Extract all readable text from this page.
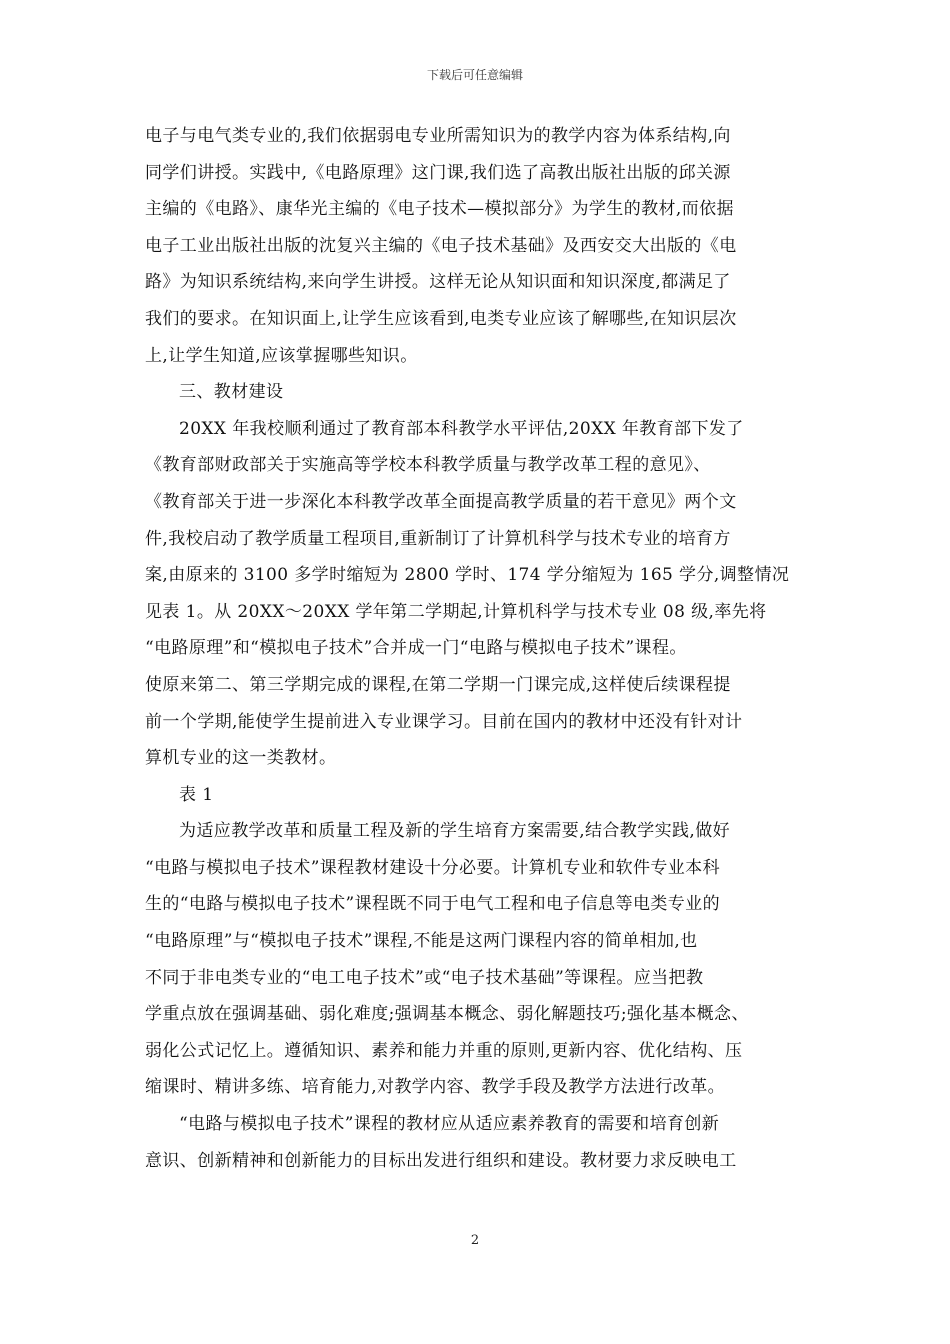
下载后可任意编辑
电子与电气类专业的,我们依据弱电专业所需知识为的教学内容为体系结构,向
同学们讲授。实践中,《电路原理》这门课,我们选了高教出版社出版的邱关源
主编的《电路》、康华光主编的《电子技术—模拟部分》为学生的教材,而依据
电子工业出版社出版的沈复兴主编的《电子技术基础》及西安交大出版的《电
路》为知识系统结构,来向学生讲授。这样无论从知识面和知识深度,都满足了
我们的要求。在知识面上,让学生应该看到,电类专业应该了解哪些,在知识层次
上,让学生知道,应该掌握哪些知识。
三、教材建设
20XX 年我校顺利通过了教育部本科教学水平评估,20XX 年教育部下发了
《教育部财政部关于实施高等学校本科教学质量与教学改革工程的意见》、
《教育部关于进一步深化本科教学改革全面提高教学质量的若干意见》两个文
件,我校启动了教学质量工程项目,重新制订了计算机科学与技术专业的培育方
案,由原来的 3100 多学时缩短为 2800 学时、174 学分缩短为 165 学分,调整情况
见表 1。从 20XX～20XX 学年第二学期起,计算机科学与技术专业 08 级,率先将
“电路原理”和“模拟电子技术”合并成一门“电路与模拟电子技术”课程。
使原来第二、第三学期完成的课程,在第二学期一门课完成,这样使后续课程提
前一个学期,能使学生提前进入专业课学习。目前在国内的教材中还没有针对计
算机专业的这一类教材。
表 1
为适应教学改革和质量工程及新的学生培育方案需要,结合教学实践,做好
“电路与模拟电子技术”课程教材建设十分必要。计算机专业和软件专业本科
生的“电路与模拟电子技术”课程既不同于电气工程和电子信息等电类专业的
“电路原理”与“模拟电子技术”课程,不能是这两门课程内容的简单相加,也
不同于非电类专业的“电工电子技术”或“电子技术基础”等课程。应当把教
学重点放在强调基础、弱化难度;强调基本概念、弱化解题技巧;强化基本概念、
弱化公式记忆上。遵循知识、素养和能力并重的原则,更新内容、优化结构、压
缩课时、精讲多练、培育能力,对教学内容、教学手段及教学方法进行改革。
“电路与模拟电子技术”课程的教材应从适应素养教育的需要和培育创新
意识、创新精神和创新能力的目标出发进行组织和建设。教材要力求反映电工
2
